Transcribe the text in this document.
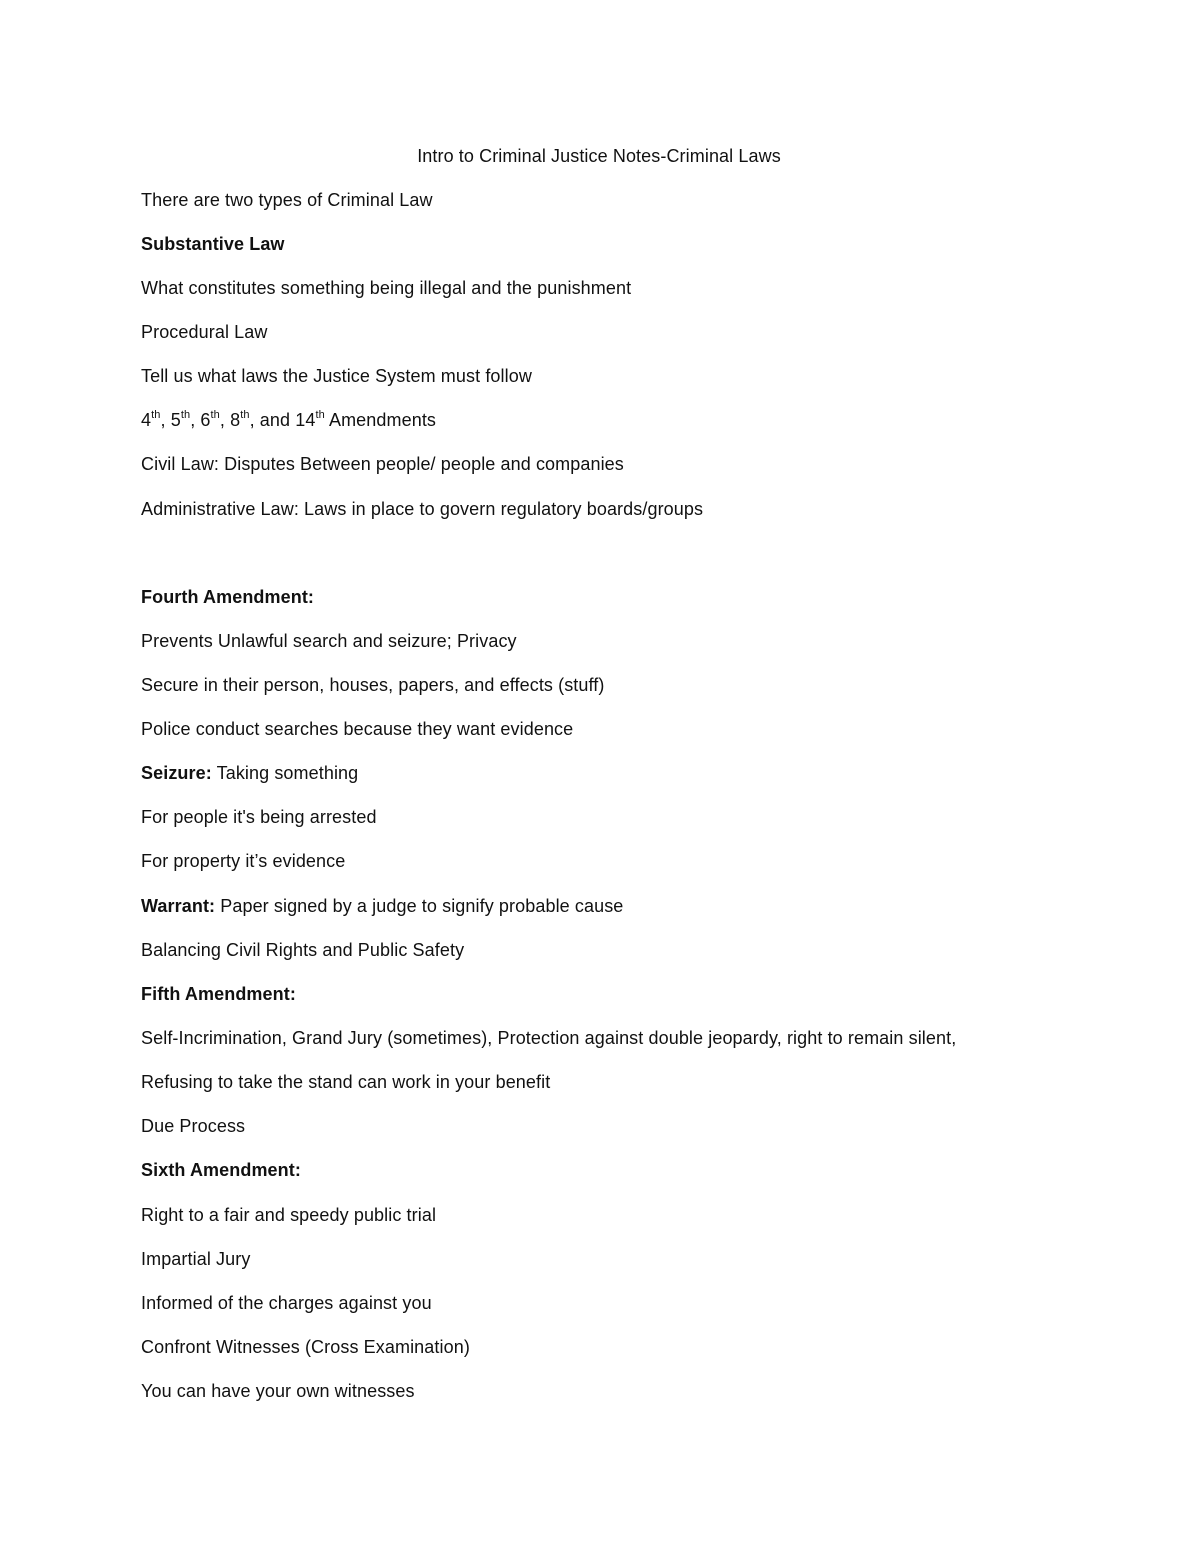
Intro to Criminal Justice Notes-Criminal Laws
There are two types of Criminal Law
Substantive Law
What constitutes something being illegal and the punishment
Procedural Law
Tell us what laws the Justice System must follow
4th, 5th, 6th, 8th, and 14th Amendments
Civil Law: Disputes Between people/ people and companies
Administrative Law: Laws in place to govern regulatory boards/groups
Fourth Amendment:
Prevents Unlawful search and seizure; Privacy
Secure in their person, houses, papers, and effects (stuff)
Police conduct searches because they want evidence
Seizure: Taking something
For people it's being arrested
For property it’s evidence
Warrant: Paper signed by a judge to signify probable cause
Balancing Civil Rights and Public Safety
Fifth Amendment:
Self-Incrimination, Grand Jury (sometimes), Protection against double jeopardy, right to remain silent,
Refusing to take the stand can work in your benefit
Due Process
Sixth Amendment:
Right to a fair and speedy public trial
Impartial Jury
Informed of the charges against you
Confront Witnesses (Cross Examination)
You can have your own witnesses
